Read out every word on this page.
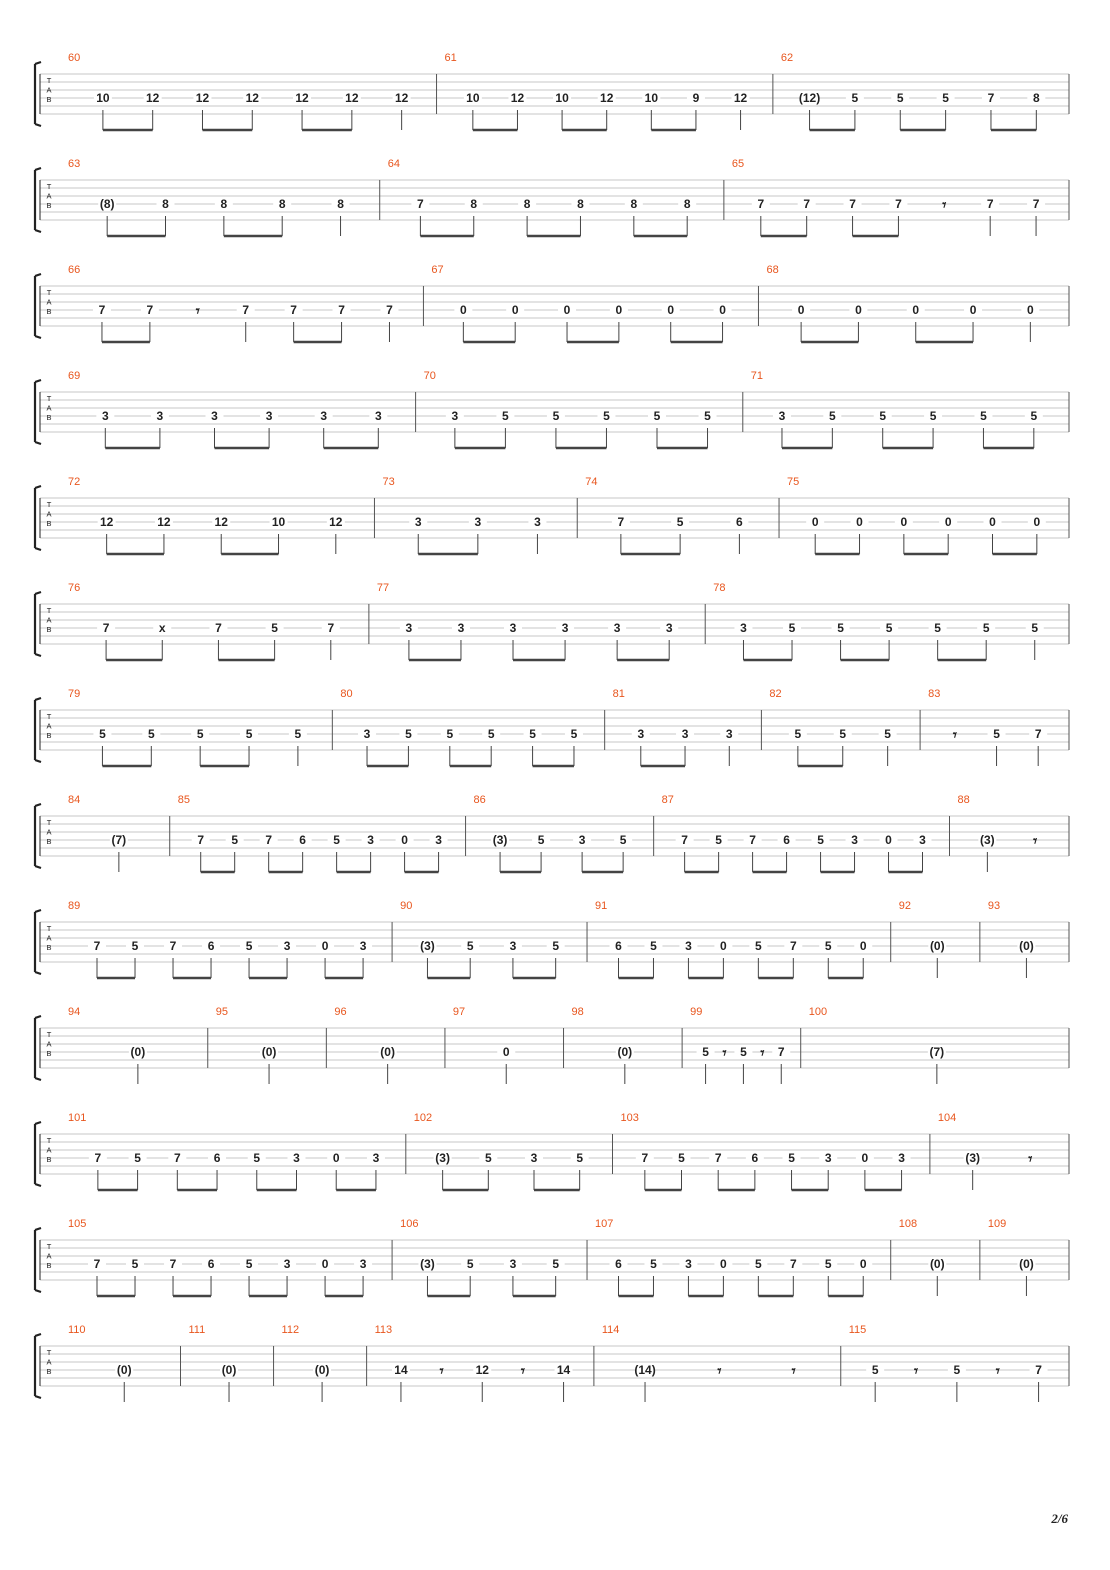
T
A
B
60
10	12	12	12	12	12	12
61
10	12	10	12	10	9	12
62
(12)	5	5	5	7	8
T
A
B
63
(8)	8	8	8	8
64
7	8	8	8	8	8
65
7	7	7	7	𝄾	7	7
T
A
B
66
7	7	𝄾	7	7	7	7
67
0	0	0	0	0	0
68
0	0	0	0	0
T
A
B
69
3	3	3	3	3	3
70
3	5	5	5	5	5
71
3	5	5	5	5	5
T
A
B
72
12	12	12	10	12
73
3	3	3
74
7	5	6
75
0	0	0	0	0	0
T
A
B
76
7	x	7	5	7
77
3	3	3	3	3	3
78
3	5	5	5	5	5	5
T
A
B
79
5	5	5	5	5
80
3	5	5	5	5	5
81
3	3	3
82
5	5	5
83
𝄾	5	7
T
A
B
84
(7)
85
7 5 7 6 5 3 0 3
86
(3)	5	3	5
87
7 5 7 6 5 3 0 3
88
(3)	𝄾
T
A
B
89
7	5	7	6	5	3	0	3
90
(3)	5	3	5
91
6 5 3 0 5 7 5 0
92
(0)
93
(0)
T
A
B
94
(0)
95
(0)
96
(0)
97
0
98
(0)
99
5 𝄾 5 𝄾 7
100
(7)
T
A
B
101
7	5	7	6	5	3	0	3
102
(3)	5	3	5
103
7 5 7 6 5 3 0 3
104
(3)	𝄾
T
A
B
105
7	5	7	6	5	3	0	3
106
(3)	5	3	5
107
6 5 3 0 5 7 5 0
108
(0)
109
(0)
T
A
B
110
(0)
111
(0)
112
(0)
113
14 𝄾	12 𝄾	14
114
(14)	𝄾	𝄾
115
5 𝄾	5 𝄾	7
2/6
